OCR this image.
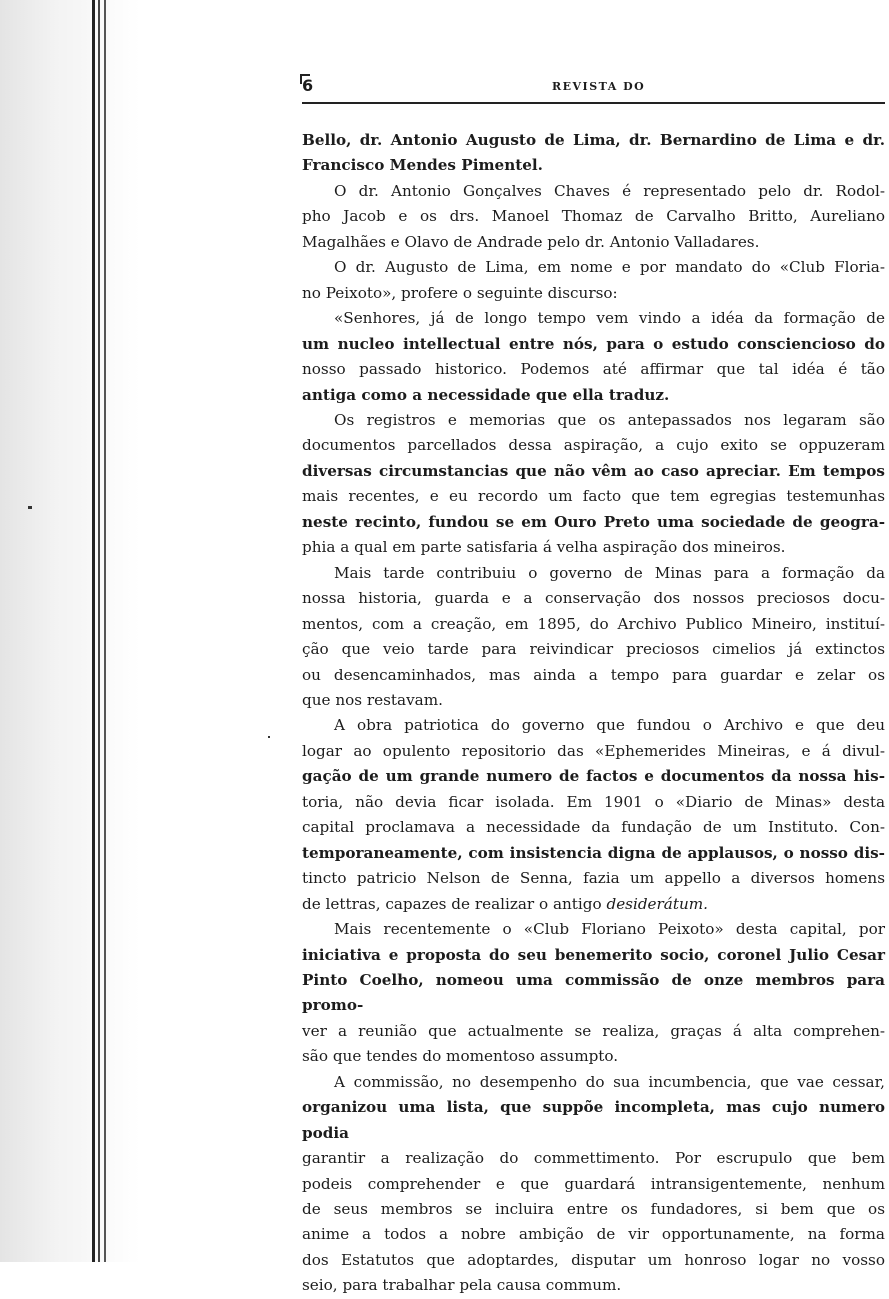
6	REVISTA DO

Bello, dr. Antonio Augusto de Lima, dr. Bernardino de Lima e dr.

Francisco Mendes Pimentel.

O dr. Antonio Gonçalves Chaves é representado pelo dr. Rodol-

pho Jacob e os drs. Manoel Thomaz de Carvalho Britto, Aureliano

Magalhães e Olavo de Andrade pelo dr. Antonio Valladares.

O dr. Augusto de Lima, em nome e por mandato do «Club Floria-

no Peixoto», profere o seguinte discurso:

«Senhores, já de longo tempo vem vindo a idéa da formação de

um nucleo intellectual entre nós, para o estudo consciencioso do

nosso passado historico. Podemos até affirmar que tal idéa é tão

antiga como a necessidade que ella traduz.

Os registros e memorias que os antepassados nos legaram são

documentos parcellados dessa aspiração, a cujo exito se oppuzeram

diversas circumstancias que não vêm ao caso apreciar. Em tempos

mais recentes, e eu recordo um facto que tem egregias testemunhas

neste recinto, fundou se em Ouro Preto uma sociedade de geogra-

phia a qual em parte satisfaria á velha aspiração dos mineiros.

Mais tarde contribuiu o governo de Minas para a formação da

nossa historia, guarda e a conservação dos nossos preciosos docu-

mentos, com a creação, em 1895, do Archivo Publico Mineiro, instituí-

ção que veio tarde para reivindicar preciosos cimelios já extinctos

ou desencaminhados, mas ainda a tempo para guardar e zelar os

que nos restavam.

A obra patriotica do governo que fundou o Archivo e que deu

logar ao opulento repositorio das «Ephemerides Mineiras, e á divul-

gação de um grande numero de factos e documentos da nossa his-

toria, não devia ficar isolada. Em 1901 o «Diario de Minas» desta

capital proclamava a necessidade da fundação de um Instituto. Con-

temporaneamente, com insistencia digna de applausos, o nosso dis-

tincto patricio Nelson de Senna, fazia um appello a diversos homens

de lettras, capazes de realizar o antigo desiderátum.

Mais recentemente o «Club Floriano Peixoto» desta capital, por

iniciativa e proposta do seu benemerito socio, coronel Julio Cesar

Pinto Coelho, nomeou uma commissão de onze membros para promo-

ver a reunião que actualmente se realiza, graças á alta comprehen-

são que tendes do momentoso assumpto.

A commissão, no desempenho do sua incumbencia, que vae cessar,

organizou uma lista, que suppõe incompleta, mas cujo numero podia

garantir a realização do commettimento. Por escrupulo que bem

podeis comprehender e que guardará intransigentemente, nenhum

de seus membros se incluira entre os fundadores, si bem que os

anime a todos a nobre ambição de vir opportunamente, na forma

dos Estatutos que adoptardes, disputar um honroso logar no vosso

seio, para trabalhar pela causa commum.
